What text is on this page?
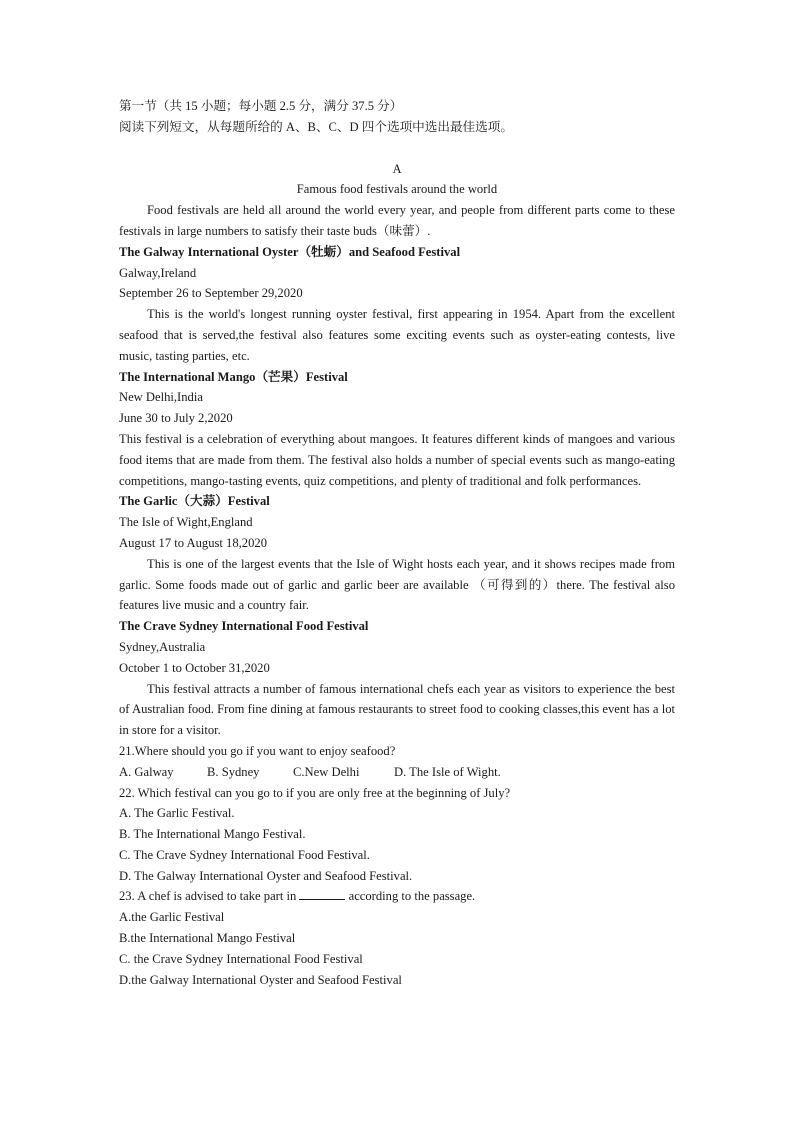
第一节（共 15 小题；每小题 2.5 分，满分 37.5 分）
阅读下列短文，从每题所给的 A、B、C、D 四个选项中选出最佳选项。
A
Famous food festivals around the world
Food festivals are held all around the world every year, and people from different parts come to these festivals in large numbers to satisfy their taste buds（味蕾）.
The Galway International Oyster（牡蛎）and Seafood Festival
Galway,Ireland
September 26 to September 29,2020
This is the world's longest running oyster festival, first appearing in 1954. Apart from the excellent seafood that is served,the festival also features some exciting events such as oyster-eating contests, live music, tasting parties, etc.
The International Mango（芒果）Festival
New Delhi,India
June 30 to July 2,2020
This festival is a celebration of everything about mangoes. It features different kinds of mangoes and various food items that are made from them. The festival also holds a number of special events such as mango-eating competitions, mango-tasting events, quiz competitions, and plenty of traditional and folk performances.
The Garlic（大蒜）Festival
The Isle of Wight,England
August 17 to August 18,2020
This is one of the largest events that the Isle of Wight hosts each year, and it shows recipes made from garlic. Some foods made out of garlic and garlic beer are available （可得到的）there. The festival also features live music and a country fair.
The Crave Sydney International Food Festival
Sydney,Australia
October 1 to October 31,2020
This festival attracts a number of famous international chefs each year as visitors to experience the best of Australian food. From fine dining at famous restaurants to street food to cooking classes,this event has a lot in store for a visitor.
21.Where should you go if you want to enjoy seafood?
A. Galway	B. Sydney	C.New Delhi	D. The Isle of Wight.
22. Which festival can you go to if you are only free at the beginning of July?
A. The Garlic Festival.
B. The International Mango Festival.
C. The Crave Sydney International Food Festival.
D. The Galway International Oyster and Seafood Festival.
23. A chef is advised to take part in	according to the passage.
A.the Garlic Festival
B.the International Mango Festival
C. the Crave Sydney International Food Festival
D.the Galway International Oyster and Seafood Festival
